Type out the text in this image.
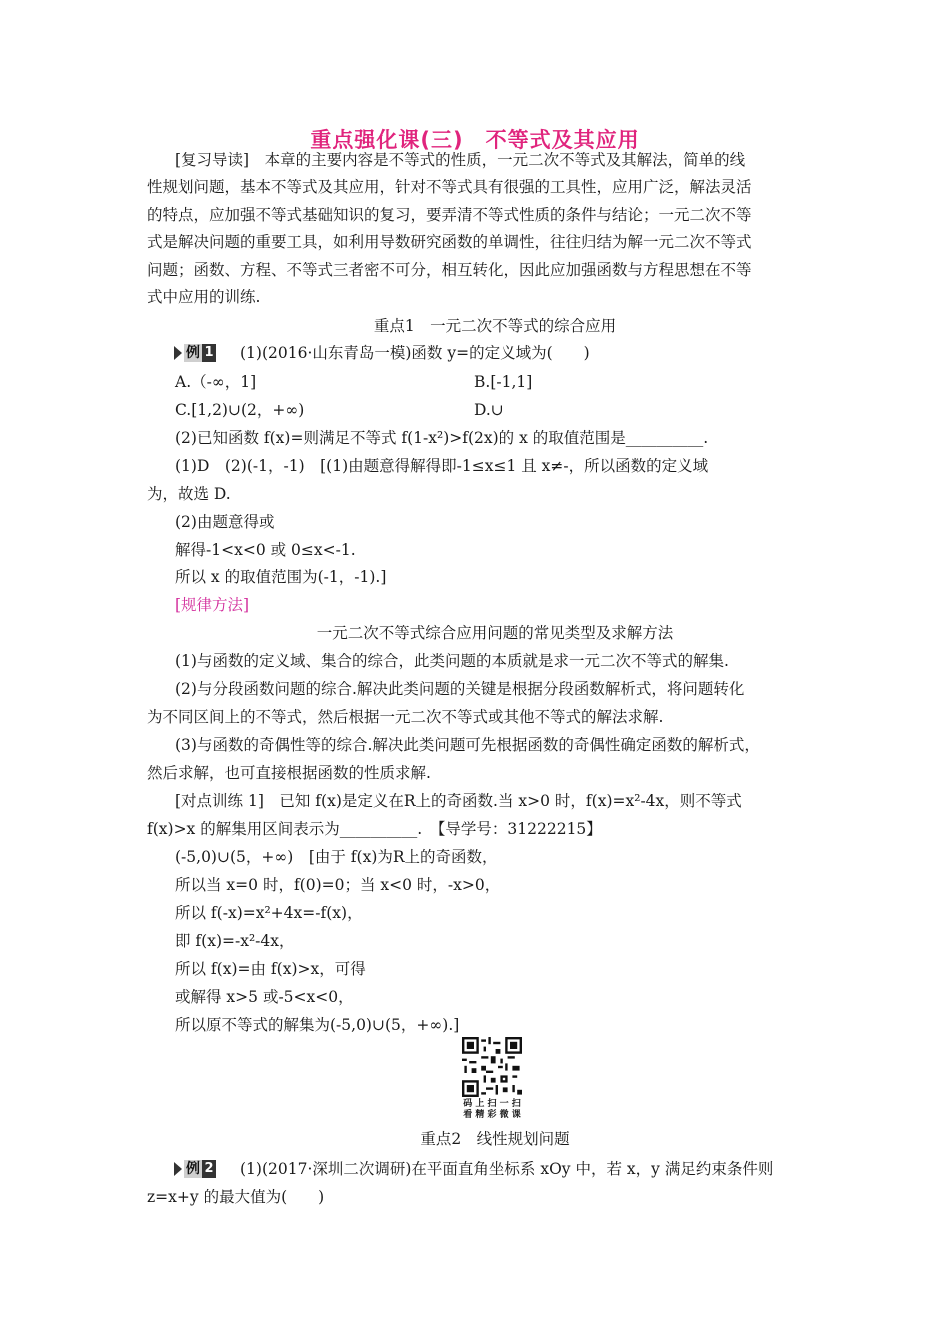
重点强化课(三)　不等式及其应用
[复习导读]　本章的主要内容是不等式的性质，一元二次不等式及其解法，简单的线
性规划问题，基本不等式及其应用，针对不等式具有很强的工具性，应用广泛，解法灵活
的特点，应加强不等式基础知识的复习，要弄清不等式性质的条件与结论；一元二次不等
式是解决问题的重要工具，如利用导数研究函数的单调性，往往归结为解一元二次不等式
问题；函数、方程、不等式三者密不可分，相互转化，因此应加强函数与方程思想在不等
式中应用的训练.
重点1　一元二次不等式的综合应用
例 1 (1)(2016·山东青岛一模)函数 y=的定义域为(　　)
A.（-∞，1]	B.[-1,1]
C.[1,2)∪(2，+∞)	D.∪
(2)已知函数 f(x)=则满足不等式 f(1-x²)>f(2x)的 x 的取值范围是__________.
(1)D　(2)(-1，-1)　[(1)由题意得解得即-1≤x≤1 且 x≠-，所以函数的定义域
为，故选 D.
(2)由题意得或
解得-1<x<0 或 0≤x<-1.
所以 x 的取值范围为(-1，-1).]
[规律方法]
一元二次不等式综合应用问题的常见类型及求解方法
(1)与函数的定义域、集合的综合，此类问题的本质就是求一元二次不等式的解集.
(2)与分段函数问题的综合.解决此类问题的关键是根据分段函数解析式，将问题转化
为不同区间上的不等式，然后根据一元二次不等式或其他不等式的解法求解.
(3)与函数的奇偶性等的综合.解决此类问题可先根据函数的奇偶性确定函数的解析式，
然后求解，也可直接根据函数的性质求解.
[对点训练 1]　已知 f(x)是定义在R上的奇函数.当 x>0 时，f(x)=x²-4x，则不等式
f(x)>x 的解集用区间表示为__________.　【导学号：31222215】
(-5,0)∪(5，+∞)　[由于 f(x)为R上的奇函数，
所以当 x=0 时，f(0)=0；当 x<0 时，-x>0，
所以 f(-x)=x²+4x=-f(x)，
即 f(x)=-x²-4x，
所以 f(x)=由 f(x)>x，可得
或解得 x>5 或-5<x<0，
所以原不等式的解集为(-5,0)∪(5，+∞).]
码 上 扫 一 扫
看 精 彩 微 课
重点2　线性规划问题
例 2 (1)(2017·深圳二次调研)在平面直角坐标系 xOy 中，若 x，y 满足约束条件则
z=x+y 的最大值为(　　)
